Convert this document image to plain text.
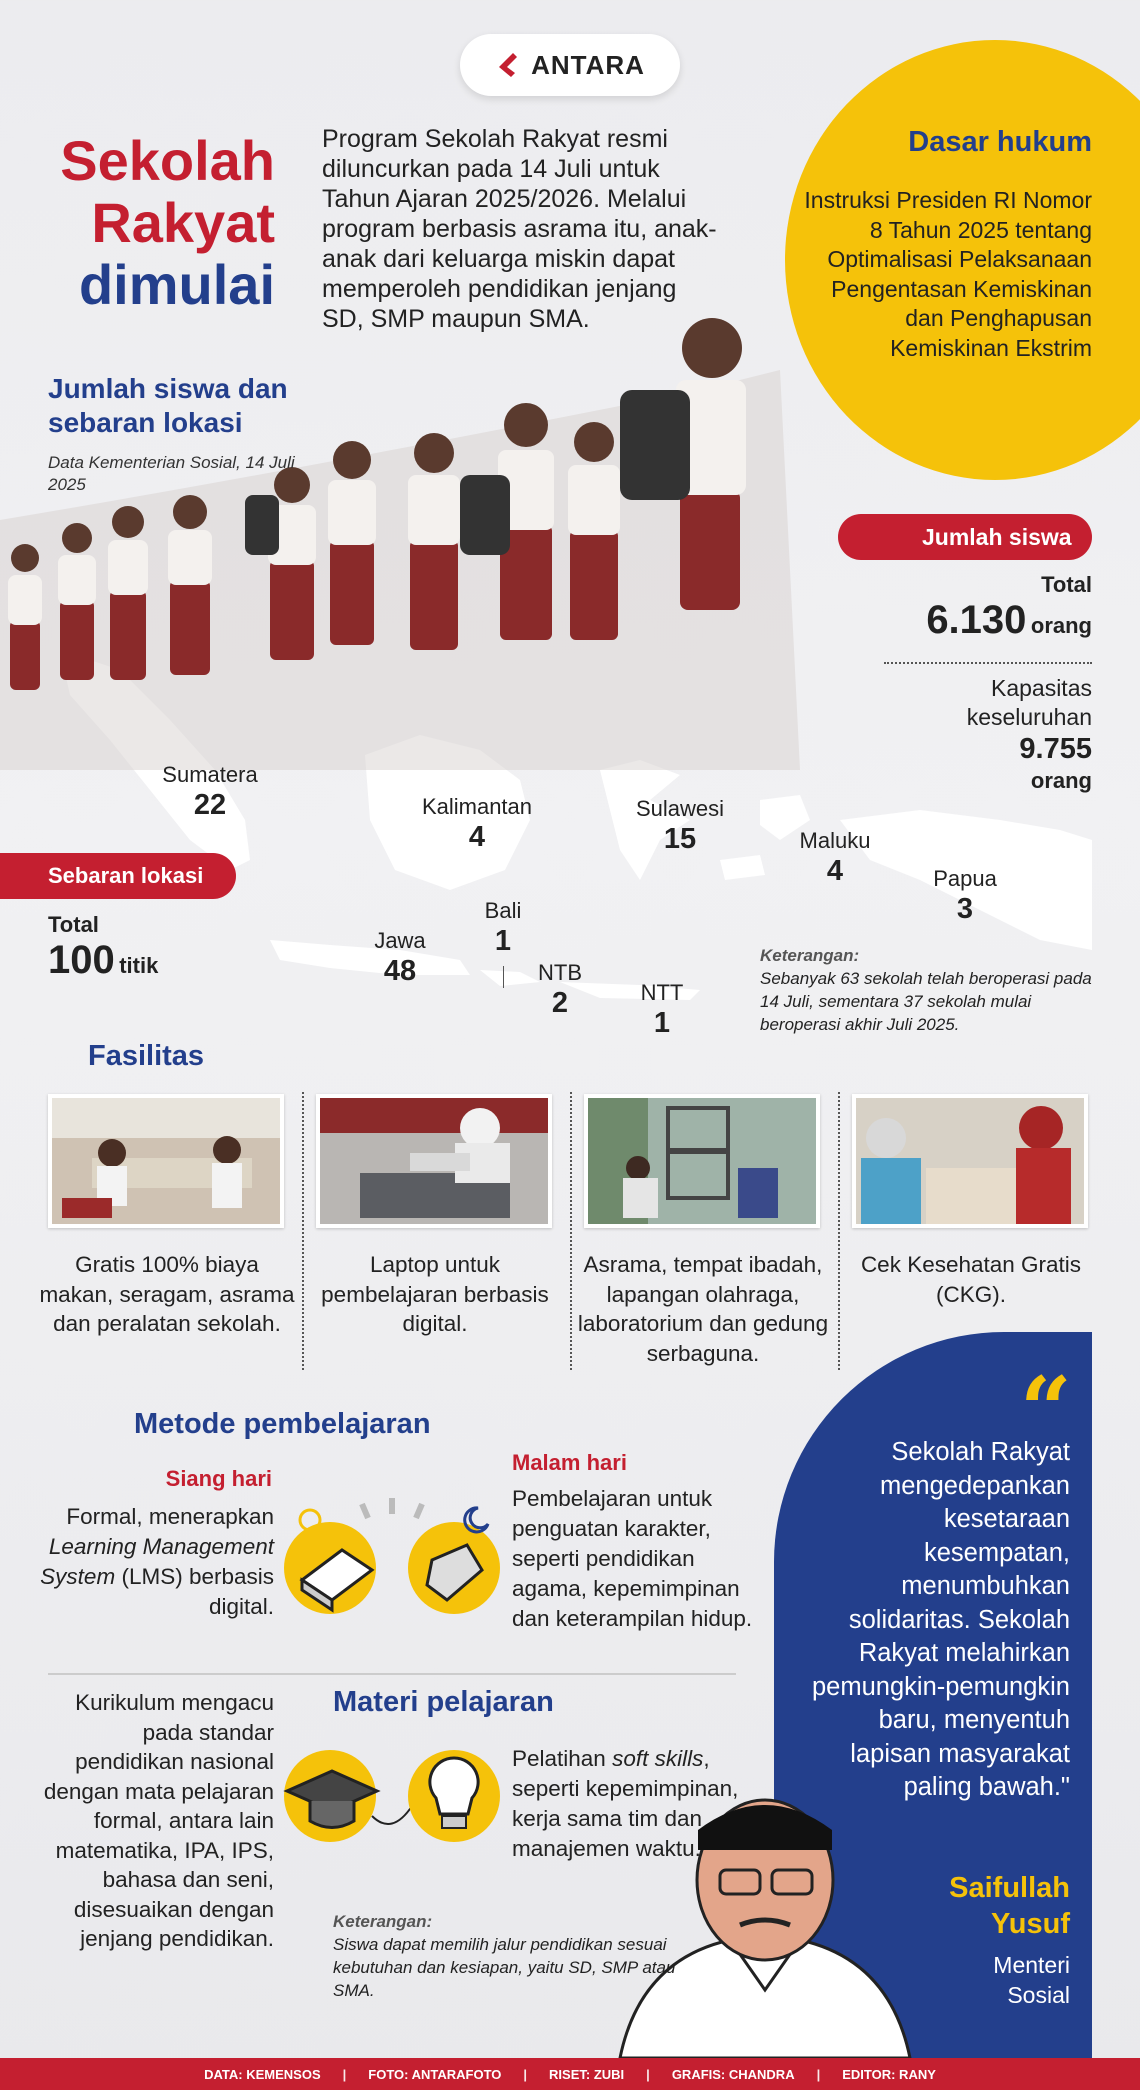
ANTARA
Sekolah
Rakyat
dimulai
Program Sekolah Rakyat resmi diluncurkan pada 14 Juli untuk Tahun Ajaran 2025/2026. Melalui program berbasis asrama itu, anak-anak dari keluarga miskin dapat memperoleh pendidikan jenjang SD, SMP maupun SMA.
Dasar hukum
Instruksi Presiden RI Nomor 8 Tahun 2025 tentang Optimalisasi Pelaksanaan Pengentasan Kemiskinan dan Penghapusan Kemiskinan Ekstrim
Jumlah siswa dan sebaran lokasi
Data Kementerian Sosial, 14 Juli 2025
Jumlah siswa
Total
6.130 orang
Kapasitas keseluruhan
9.755
orang
Sumatera
22	Kalimantan
4
Sulawesi
15	Maluku
4	Papua
3
Jawa
48
Bali
1
NTB
2	NTT
1
Sebaran lokasi
Total
100 titik	Keterangan:
Sebanyak 63 sekolah telah beroperasi pada 14 Juli, sementara 37 sekolah mulai beroperasi akhir Juli 2025.
Fasilitas
Gratis 100% biaya makan, seragam, asrama dan peralatan sekolah.
Laptop untuk pembelajaran berbasis digital.
Asrama, tempat ibadah, lapangan olahraga, laboratorium dan gedung serbaguna.
Cek Kesehatan Gratis (CKG).
“
Sekolah Rakyat mengedepankan kesetaraan kesempatan, menumbuhkan solidaritas. Sekolah Rakyat melahirkan pemungkin-pemungkin baru, menyentuh lapisan masyarakat paling bawah."
Saifullah
Yusuf
Menteri
Sosial
Metode pembelajaran
Siang hari
Formal, menerapkan Learning Management System (LMS) berbasis digital.
Malam hari
Pembelajaran untuk penguatan karakter, seperti pendidikan agama, kepemimpinan dan keterampilan hidup.
Materi pelajaran
Kurikulum mengacu pada standar pendidikan nasional dengan mata pelajaran formal, antara lain matematika, IPA, IPS, bahasa dan seni, disesuaikan dengan jenjang pendidikan.
Pelatihan soft skills, seperti kepemimpinan, kerja sama tim dan manajemen waktu.
Keterangan:
Siswa dapat memilih jalur pendidikan sesuai kebutuhan dan kesiapan, yaitu SD, SMP atau SMA.
DATA: KEMENSOS | FOTO: ANTARAFOTO | RISET: ZUBI | GRAFIS: CHANDRA | EDITOR: RANY
